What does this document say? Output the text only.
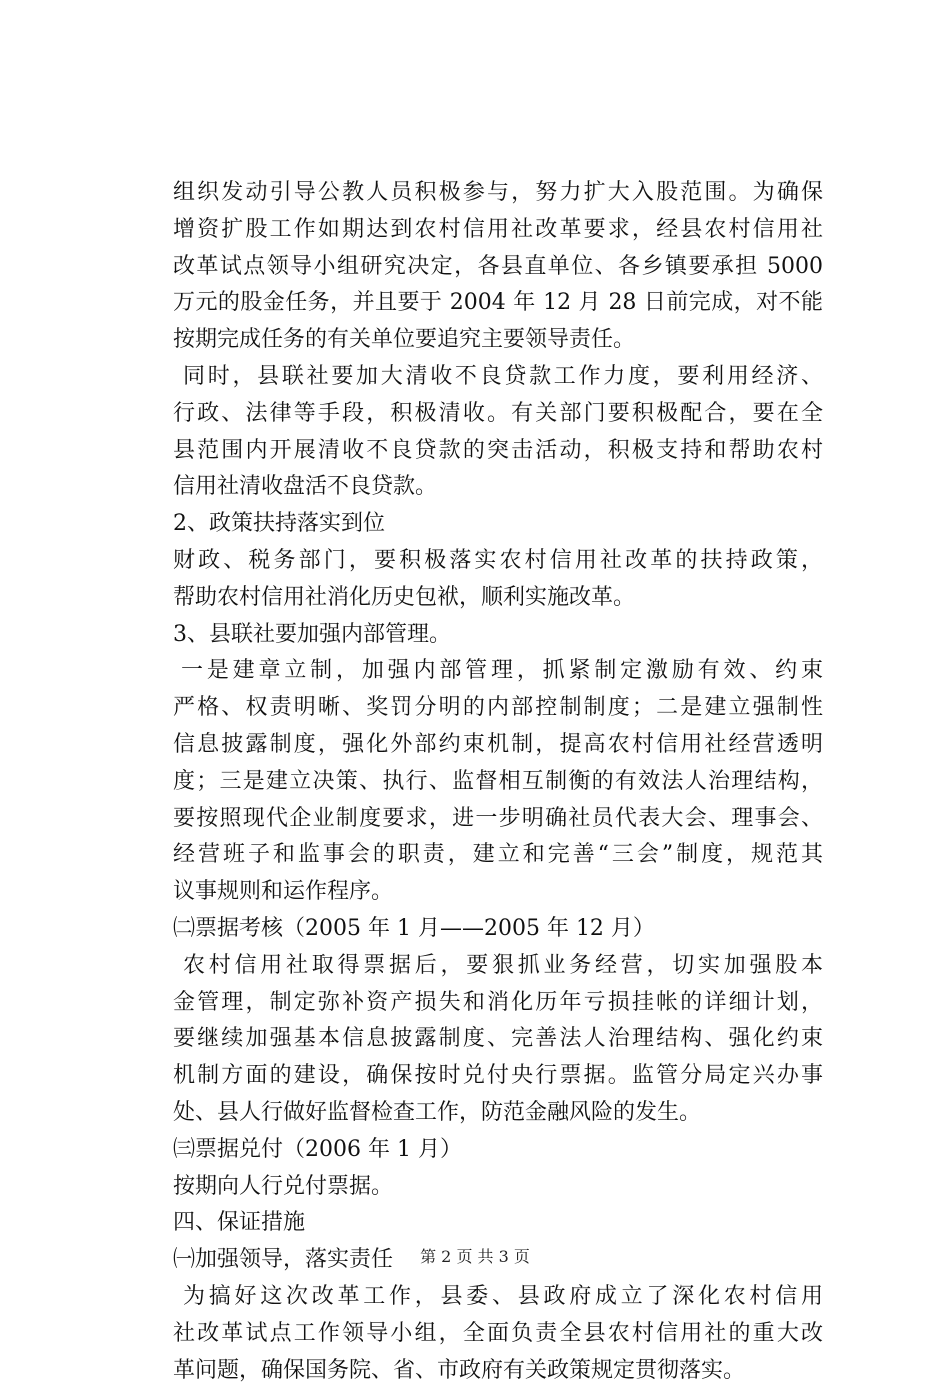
组织发动引导公教人员积极参与，努力扩大入股范围。为确保
增资扩股工作如期达到农村信用社改革要求，经县农村信用社
改革试点领导小组研究决定，各县直单位、各乡镇要承担 5000
万元的股金任务，并且要于 2004 年 12 月 28 日前完成，对不能
按期完成任务的有关单位要追究主要领导责任。
同时，县联社要加大清收不良贷款工作力度，要利用经济、
行政、法律等手段，积极清收。有关部门要积极配合，要在全
县范围内开展清收不良贷款的突击活动，积极支持和帮助农村
信用社清收盘活不良贷款。
2、政策扶持落实到位
财政、税务部门，要积极落实农村信用社改革的扶持政策，
帮助农村信用社消化历史包袱，顺利实施改革。
3、县联社要加强内部管理。
一是建章立制，加强内部管理，抓紧制定激励有效、约束
严格、权责明晰、奖罚分明的内部控制制度；二是建立强制性
信息披露制度，强化外部约束机制，提高农村信用社经营透明
度；三是建立决策、执行、监督相互制衡的有效法人治理结构，
要按照现代企业制度要求，进一步明确社员代表大会、理事会、
经营班子和监事会的职责，建立和完善“三会”制度，规范其
议事规则和运作程序。
㈡票据考核（2005 年 1 月——2005 年 12 月）
农村信用社取得票据后，要狠抓业务经营，切实加强股本
金管理，制定弥补资产损失和消化历年亏损挂帐的详细计划，
要继续加强基本信息披露制度、完善法人治理结构、强化约束
机制方面的建设，确保按时兑付央行票据。监管分局定兴办事
处、县人行做好监督检查工作，防范金融风险的发生。
㈢票据兑付（2006 年 1 月）
按期向人行兑付票据。
四、保证措施
㈠加强领导，落实责任
为搞好这次改革工作，县委、县政府成立了深化农村信用
社改革试点工作领导小组，全面负责全县农村信用社的重大改
革问题，确保国务院、省、市政府有关政策规定贯彻落实。
第 2 页 共 3 页
